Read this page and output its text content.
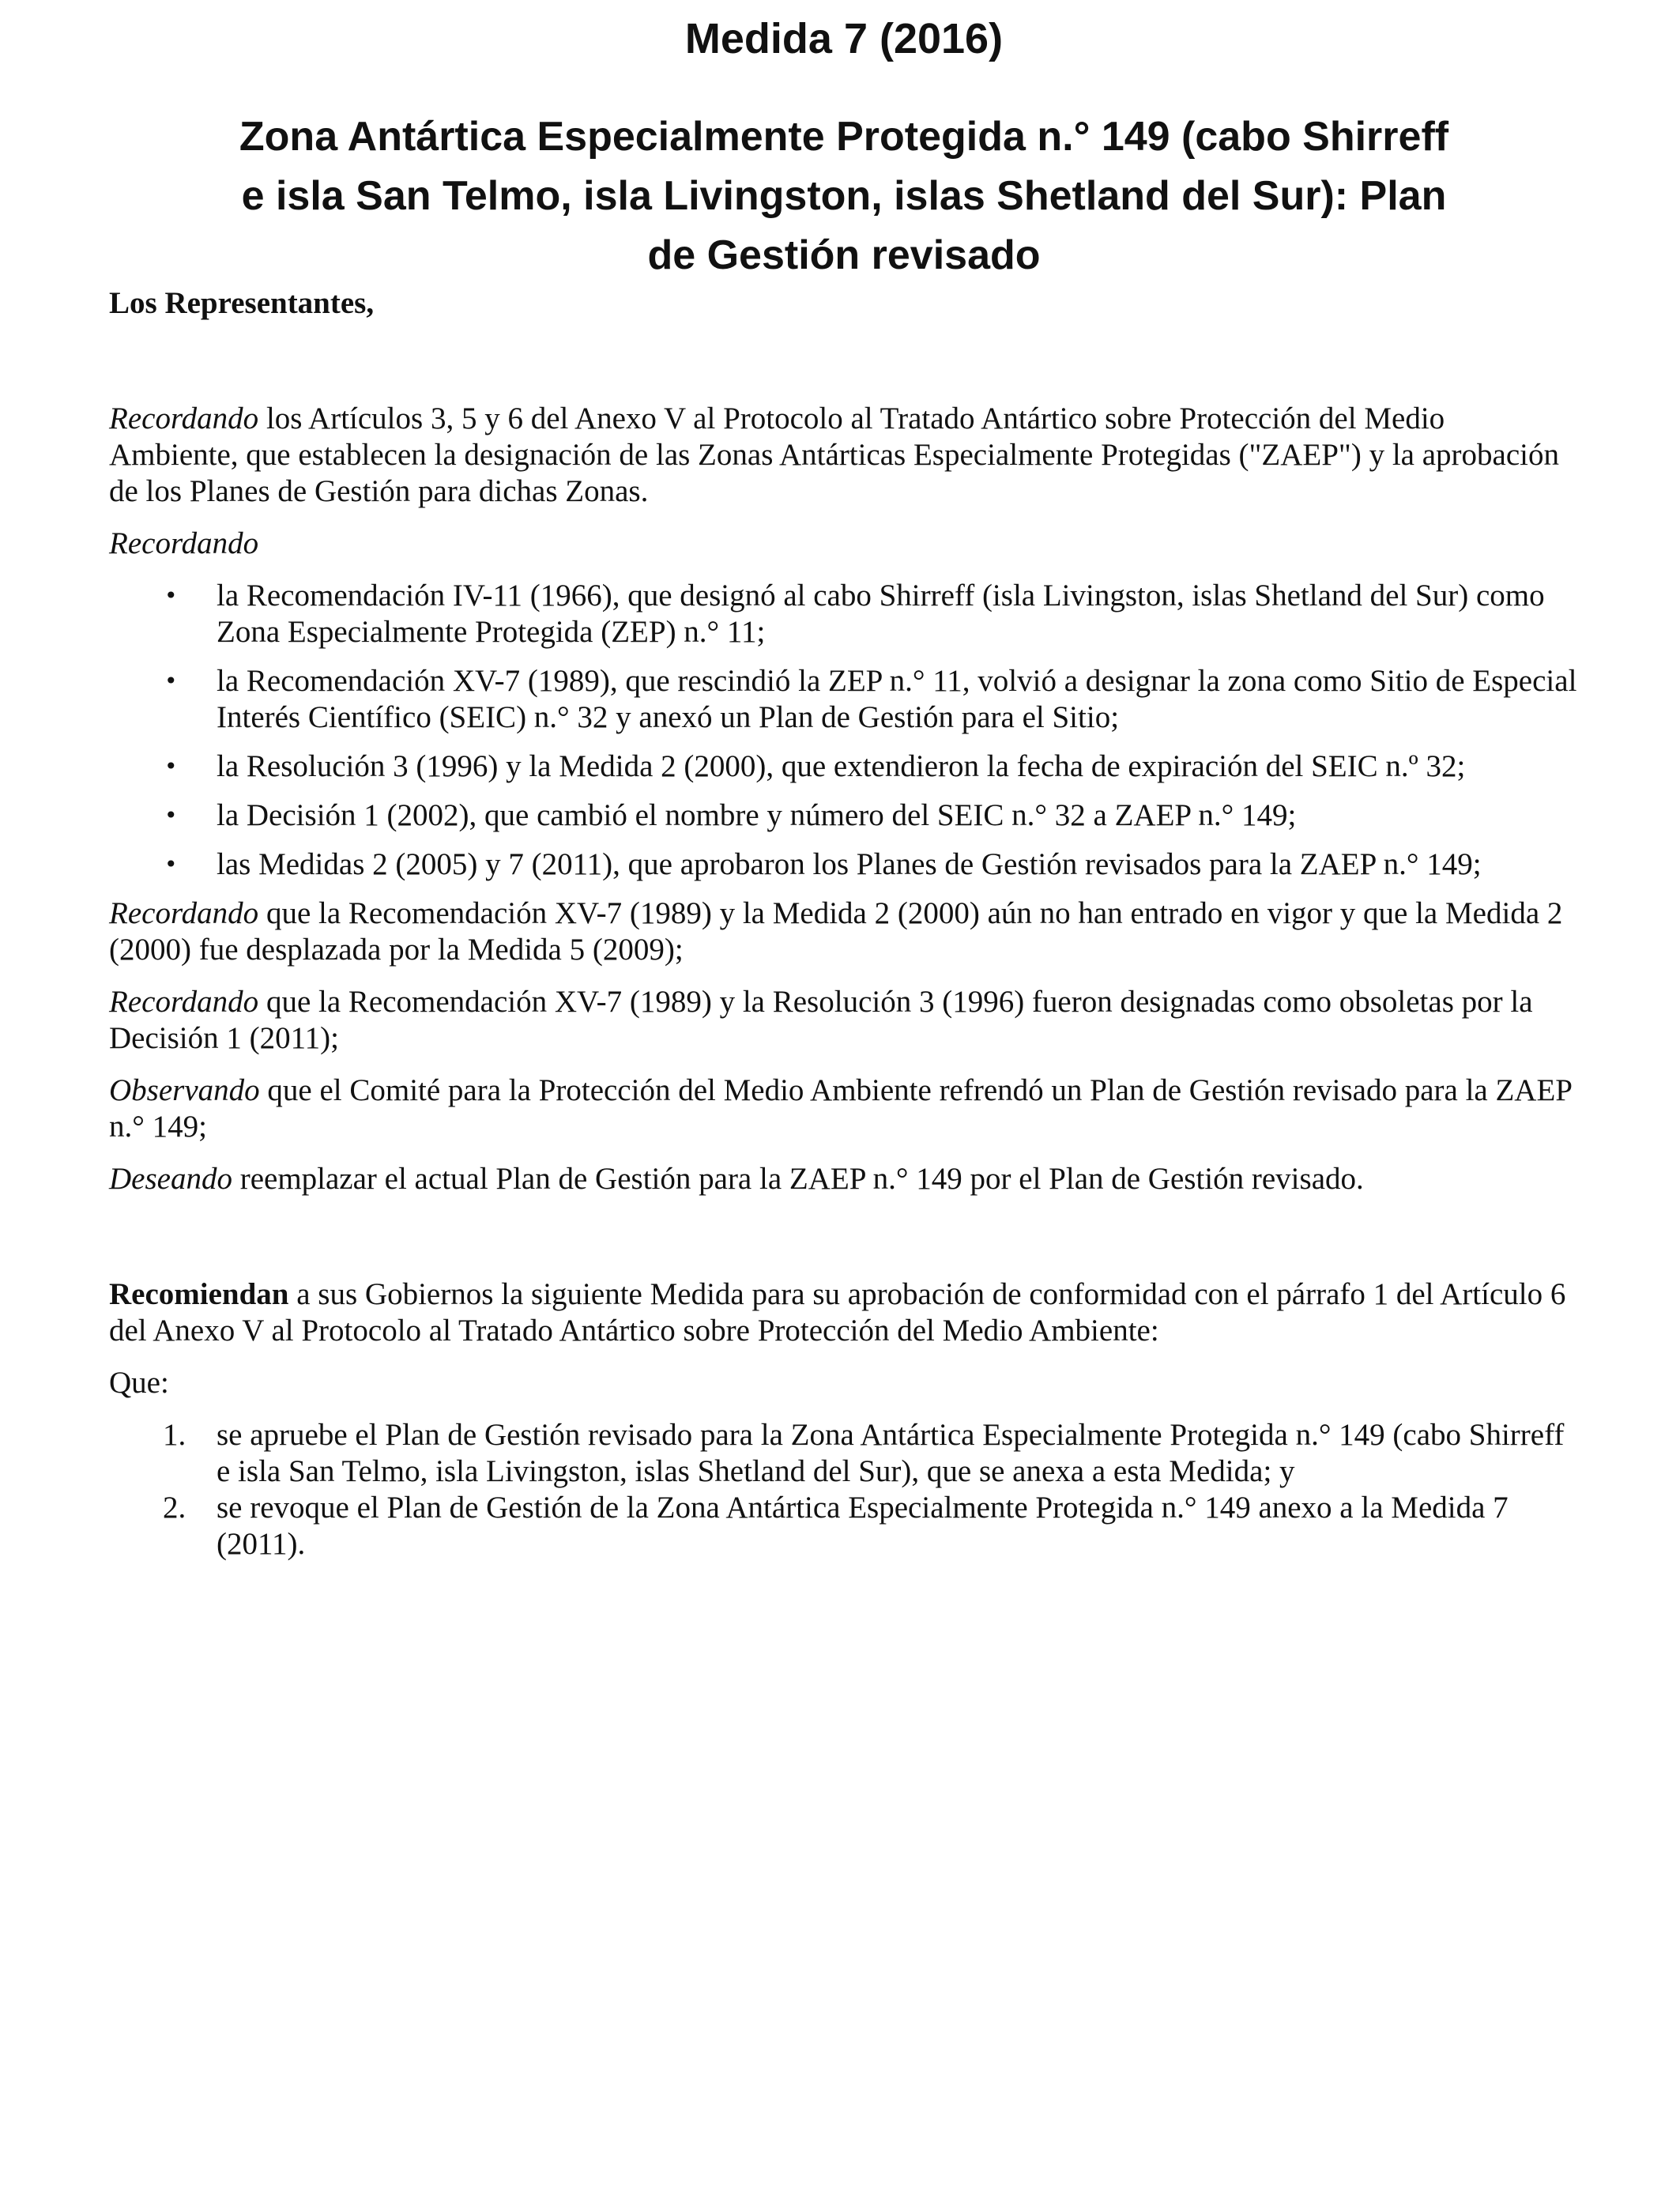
Medida 7 (2016)
Zona Antártica Especialmente Protegida n.° 149 (cabo Shirreff
e isla San Telmo, isla Livingston, islas Shetland del Sur): Plan
de Gestión revisado

Los Representantes,

Recordando los Artículos 3, 5 y 6 del Anexo V al Protocolo al Tratado Antártico sobre Protección del Medio Ambiente, que establecen la designación de las Zonas Antárticas Especialmente Protegidas ("ZAEP") y la aprobación de los Planes de Gestión para dichas Zonas.

Recordando

• la Recomendación IV-11 (1966), que designó al cabo Shirreff (isla Livingston, islas Shetland del Sur) como Zona Especialmente Protegida (ZEP) n.° 11;
• la Recomendación XV-7 (1989), que rescindió la ZEP n.° 11, volvió a designar la zona como Sitio de Especial Interés Científico (SEIC) n.° 32 y anexó un Plan de Gestión para el Sitio;
• la Resolución 3 (1996) y la Medida 2 (2000), que extendieron la fecha de expiración del SEIC n.º 32;
• la Decisión 1 (2002), que cambió el nombre y número del SEIC n.° 32 a ZAEP n.° 149;
• las Medidas 2 (2005) y 7 (2011), que aprobaron los Planes de Gestión revisados para la ZAEP n.° 149;

Recordando que la Recomendación XV-7 (1989) y la Medida 2 (2000) aún no han entrado en vigor y que la Medida 2 (2000) fue desplazada por la Medida 5 (2009);

Recordando que la Recomendación XV-7 (1989) y la Resolución 3 (1996) fueron designadas como obsoletas por la Decisión 1 (2011);

Observando que el Comité para la Protección del Medio Ambiente refrendó un Plan de Gestión revisado para la ZAEP n.° 149;

Deseando reemplazar el actual Plan de Gestión para la ZAEP n.° 149 por el Plan de Gestión revisado.

Recomiendan a sus Gobiernos la siguiente Medida para su aprobación de conformidad con el párrafo 1 del Artículo 6 del Anexo V al Protocolo al Tratado Antártico sobre Protección del Medio Ambiente:

Que:

1. se apruebe el Plan de Gestión revisado para la Zona Antártica Especialmente Protegida n.° 149 (cabo Shirreff e isla San Telmo, isla Livingston, islas Shetland del Sur), que se anexa a esta Medida; y
2. se revoque el Plan de Gestión de la Zona Antártica Especialmente Protegida n.° 149 anexo a la Medida 7 (2011).
